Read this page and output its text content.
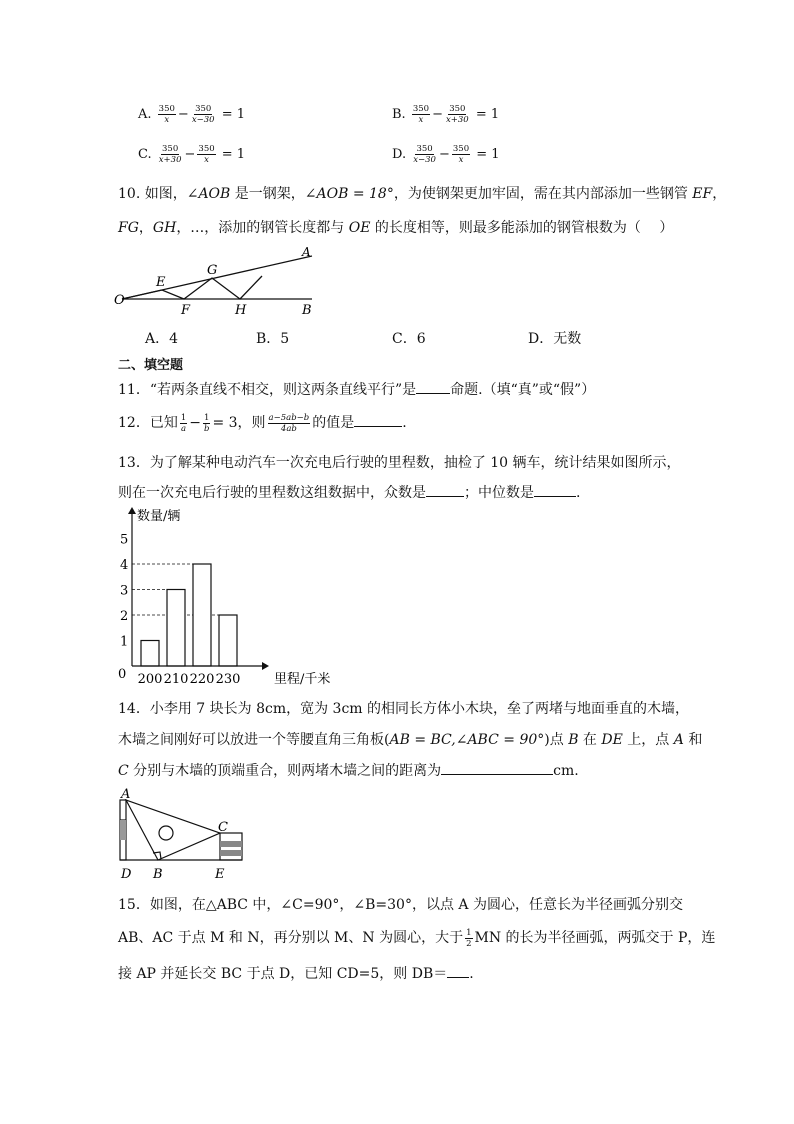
A. $\frac{350}{x} - \frac{350}{x-30} = 1$	B. $\frac{350}{x} - \frac{350}{x+30} = 1$
C. $\frac{350}{x+30} - \frac{350}{x} = 1$	D. $\frac{350}{x-30} - \frac{350}{x} = 1$
10. 如图，∠AOB 是一钢架，∠AOB = 18°，为使钢架更加牢固，需在其内部添加一些钢管 EF，
FG，GH，…，添加的钢管长度都与 OE 的长度相等，则最多能添加的钢管根数为（　 ）
O
E
F
G
H
A
B
A．4	B．5	C．6	D．无数
二、填空题
11．“若两条直线不相交，则这两条直线平行”是 命题.（填“真”或“假”）
12．已知 $\frac{1}{a} - \frac{1}{b} = 3$，则 $\frac{a-5ab-b}{4ab}$ 的值是	.
13．为了解某种电动汽车一次充电后行驶的里程数，抽检了 10 辆车，统计结果如图所示，
则在一次充电后行驶的里程数这组数据中，众数是	；中位数是	.
0
1
2
3
4
5
200 210 220 230
数量/辆
里程/千米
14．小李用 7 块长为 8cm，宽为 3cm 的相同长方体小木块，垒了两堵与地面垂直的木墙，
木墙之间刚好可以放进一个等腰直角三角板(AB = BC,∠ABC = 90°)点 B 在 DE 上，点 A 和
C 分别与木墙的顶端重合，则两堵木墙之间的距离为	cm.
A
C
D B	E
15．如图，在△ABC 中，∠C=90°，∠B=30°，以点 A 为圆心，任意长为半径画弧分别交
AB、AC 于点 M 和 N，再分别以 M、N 为圆心，大于 $\frac{1}{2}$ MN 的长为半径画弧，两弧交于 P，连
接 AP 并延长交 BC 于点 D，已知 CD=5，则 DB＝ .
